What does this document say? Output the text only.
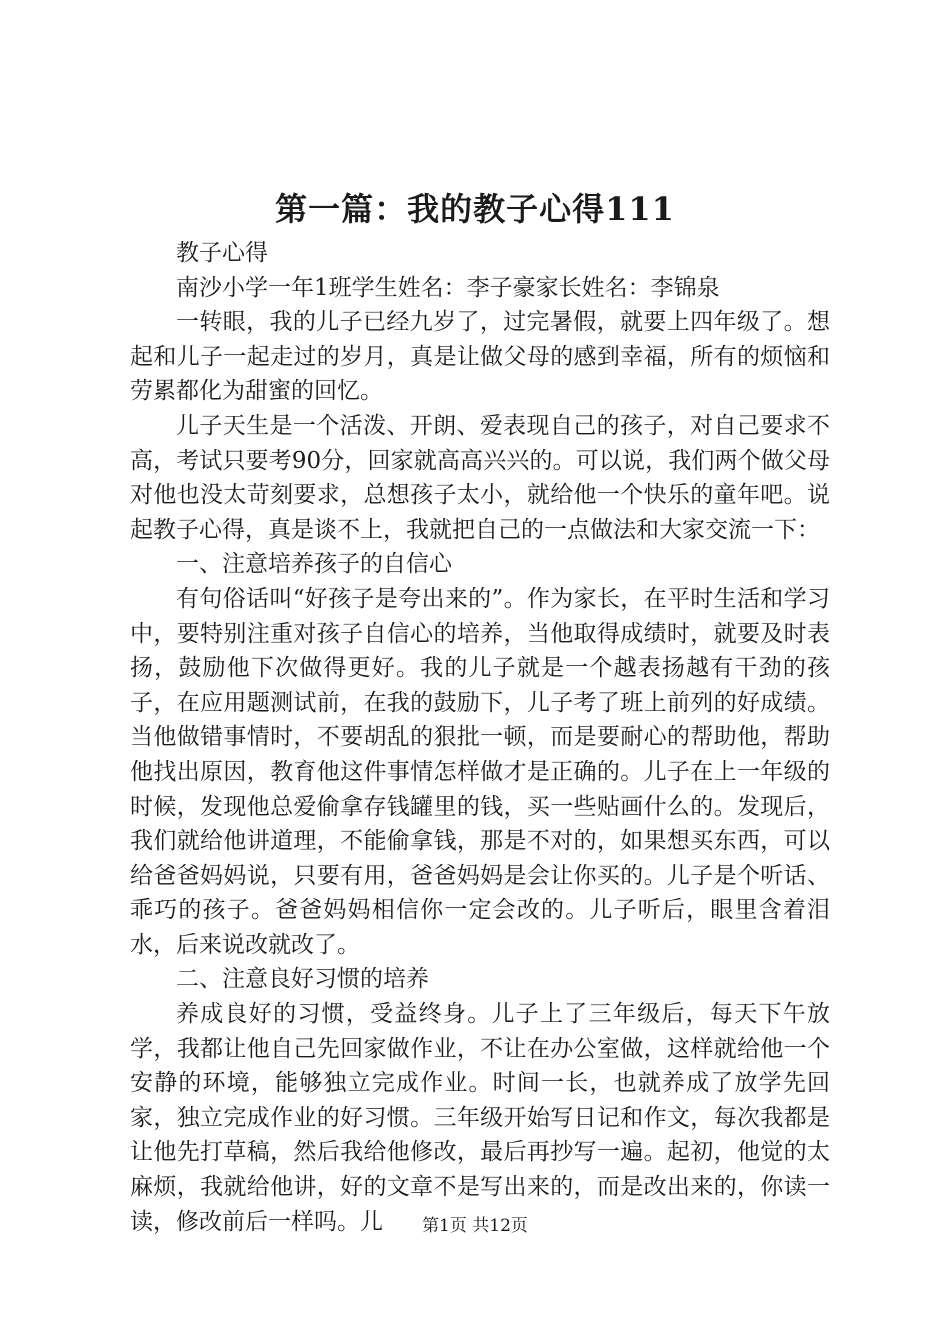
第一篇：我的教子心得111

教子心得

南沙小学一年1班学生姓名：李子豪家长姓名：李锦泉

一转眼，我的儿子已经九岁了，过完暑假，就要上四年级了。想起和儿子一起走过的岁月，真是让做父母的感到幸福，所有的烦恼和劳累都化为甜蜜的回忆。

儿子天生是一个活泼、开朗、爱表现自己的孩子，对自己要求不高，考试只要考90分，回家就高高兴兴的。可以说，我们两个做父母对他也没太苛刻要求，总想孩子太小，就给他一个快乐的童年吧。说起教子心得，真是谈不上，我就把自己的一点做法和大家交流一下：

一、注意培养孩子的自信心

有句俗话叫“好孩子是夸出来的”。作为家长，在平时生活和学习中，要特别注重对孩子自信心的培养，当他取得成绩时，就要及时表扬，鼓励他下次做得更好。我的儿子就是一个越表扬越有干劲的孩子，在应用题测试前，在我的鼓励下，儿子考了班上前列的好成绩。当他做错事情时，不要胡乱的狠批一顿，而是要耐心的帮助他，帮助他找出原因，教育他这件事情怎样做才是正确的。儿子在上一年级的时候，发现他总爱偷拿存钱罐里的钱，买一些贴画什么的。发现后，我们就给他讲道理，不能偷拿钱，那是不对的，如果想买东西，可以给爸爸妈妈说，只要有用，爸爸妈妈是会让你买的。儿子是个听话、乖巧的孩子。爸爸妈妈相信你一定会改的。儿子听后，眼里含着泪水，后来说改就改了。

二、注意良好习惯的培养

养成良好的习惯，受益终身。儿子上了三年级后，每天下午放学，我都让他自己先回家做作业，不让在办公室做，这样就给他一个安静的环境，能够独立完成作业。时间一长，也就养成了放学先回家，独立完成作业的好习惯。三年级开始写日记和作文，每次我都是让他先打草稿，然后我给他修改，最后再抄写一遍。起初，他觉的太麻烦，我就给他讲，好的文章不是写出来的，而是改出来的，你读一读，修改前后一样吗。儿	第1页 共12页
